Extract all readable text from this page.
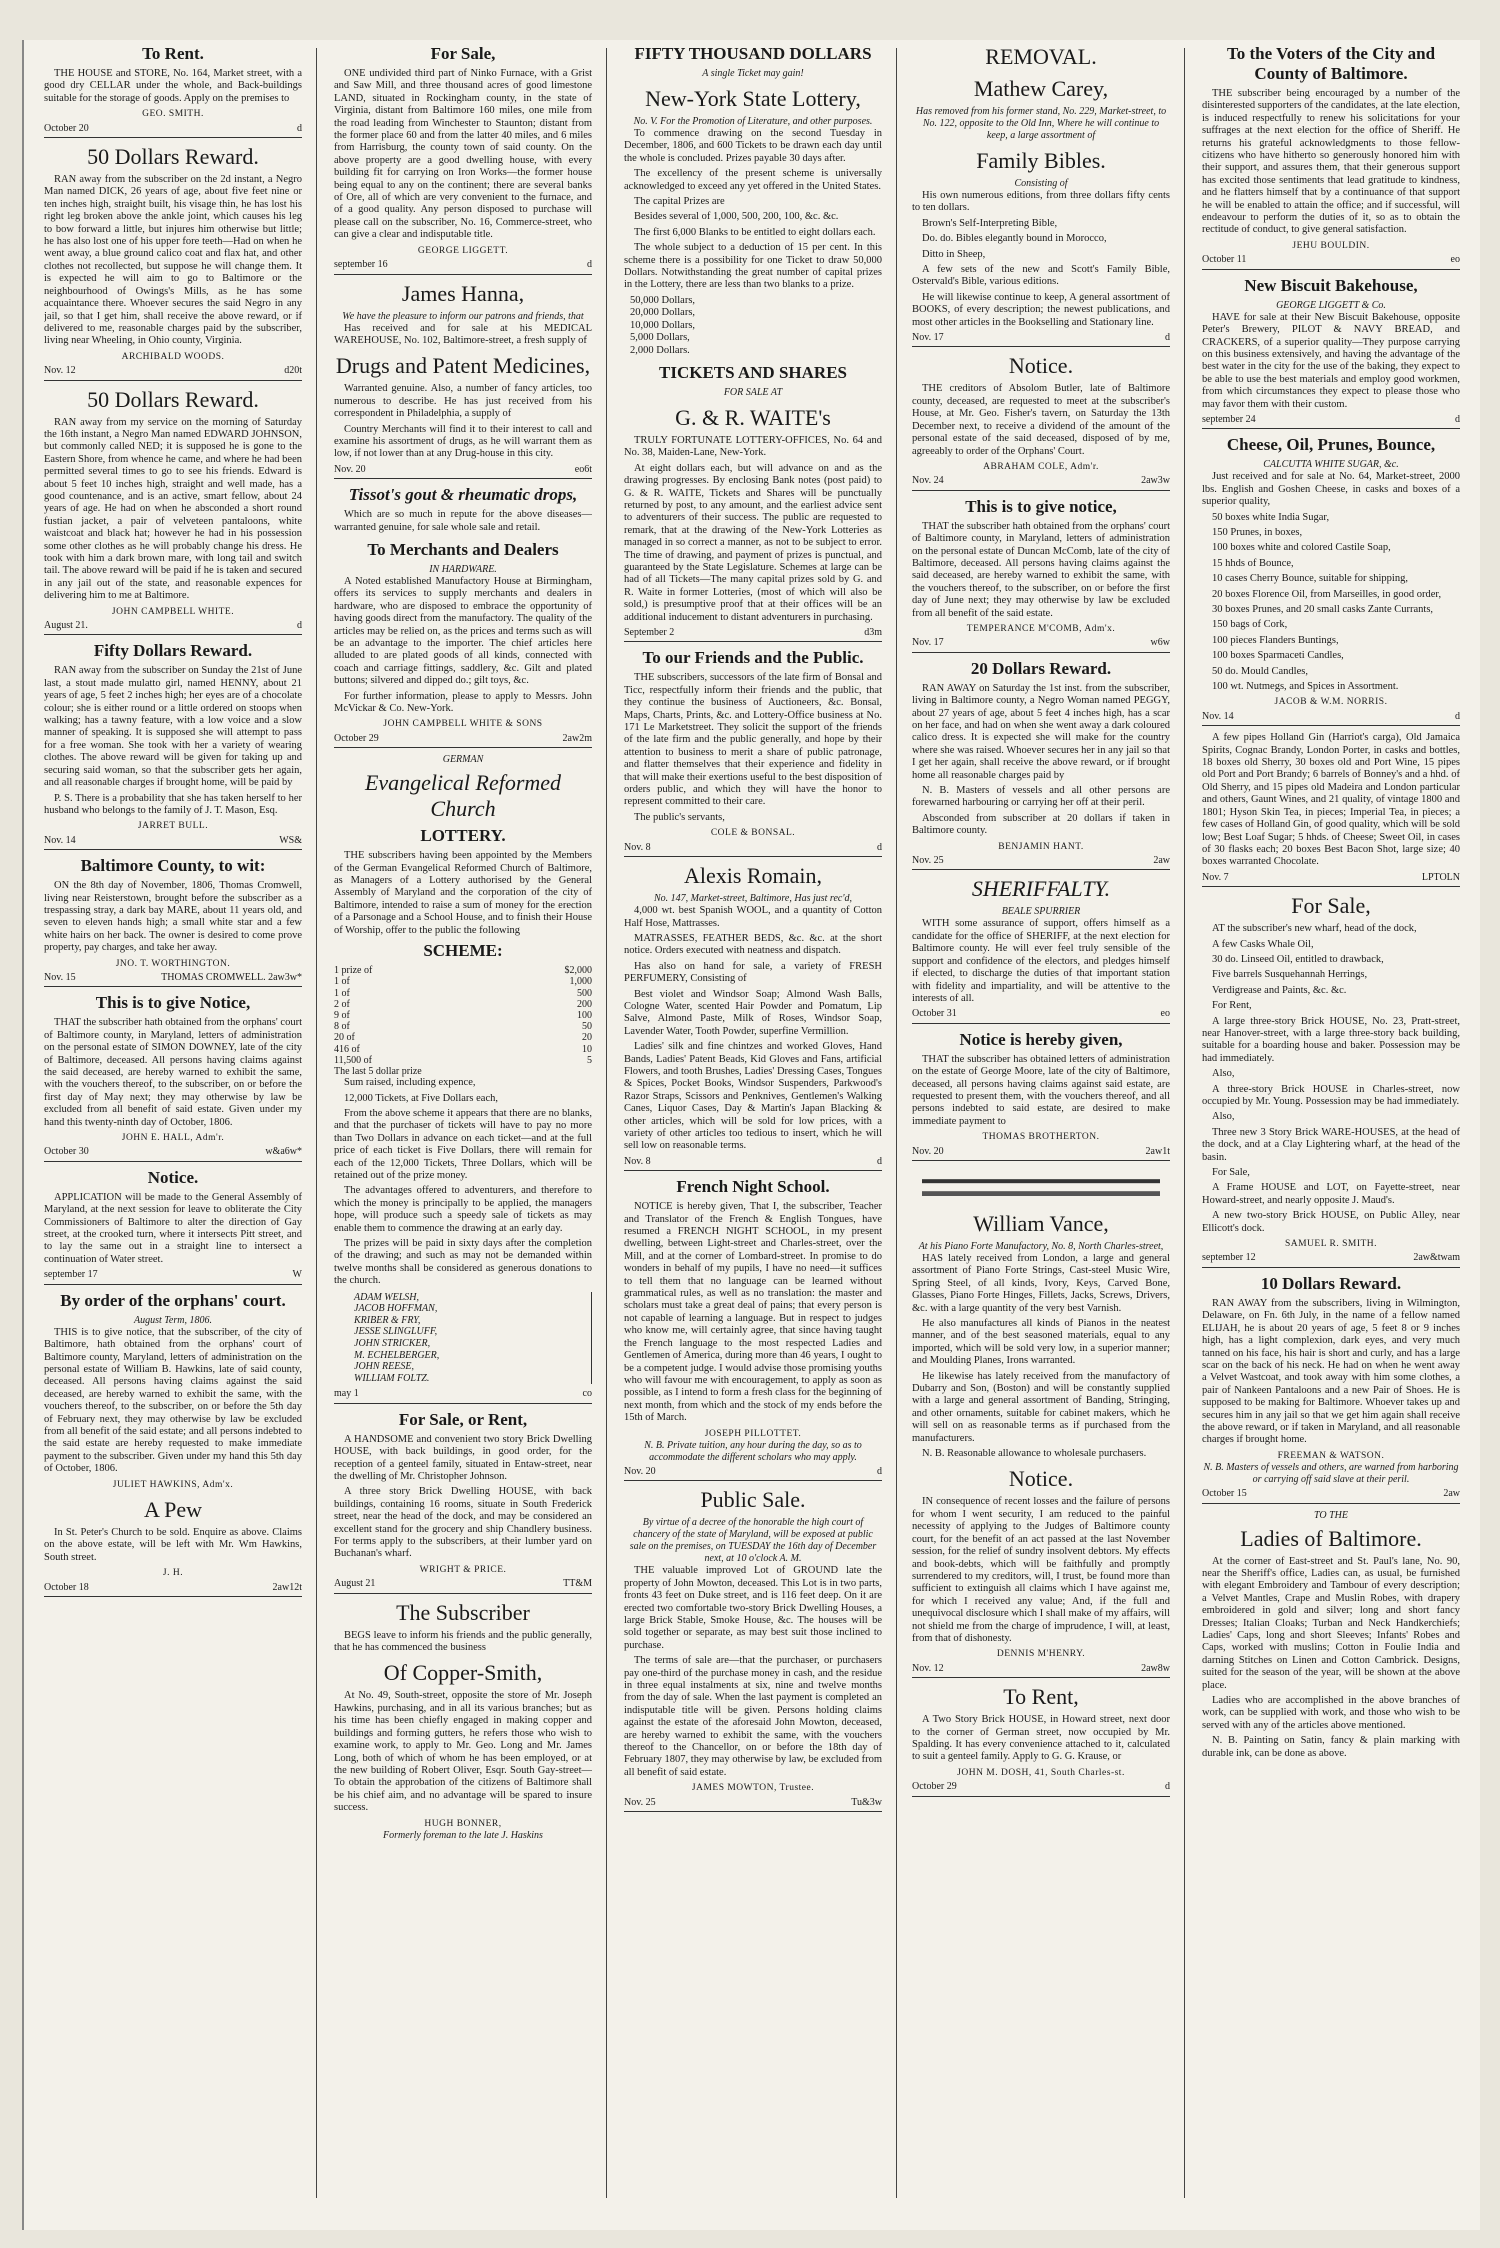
To Rent.

THE HOUSE and STORE, No. 164, Market street, with a good dry CELLAR under the whole, and Back-buildings suitable for the storage of goods. Apply on the premises to

GEO. SMITH.
October 20	d
50 Dollars Reward.

RAN away from the subscriber on the 2d instant, a Negro Man named DICK, 26 years of age, about five feet nine or ten inches high, straight built, his visage thin, he has lost his right leg broken above the ankle joint, which causes his leg to bow forward a little, but injures him otherwise but little; he has also lost one of his upper fore teeth—Had on when he went away, a blue ground calico coat and flax hat, and other clothes not recollected, but suppose he will change them. It is expected he will aim to go to Baltimore or the neighbourhood of Owings's Mills, as he has some acquaintance there. Whoever secures the said Negro in any jail, so that I get him, shall receive the above reward, or if delivered to me, reasonable charges paid by the subscriber, living near Wheeling, in Ohio county, Virginia.

ARCHIBALD WOODS.
Nov. 12	d20t
50 Dollars Reward.

RAN away from my service on the morning of Saturday the 16th instant, a Negro Man named EDWARD JOHNSON, but commonly called NED; it is supposed he is gone to the Eastern Shore, from whence he came, and where he had been permitted several times to go to see his friends. Edward is about 5 feet 10 inches high, straight and well made, has a good countenance, and is an active, smart fellow, about 24 years of age. He had on when he absconded a short round fustian jacket, a pair of velveteen pantaloons, white waistcoat and black hat; however he had in his possession some other clothes as he will probably change his dress. He took with him a dark brown mare, with long tail and switch tail. The above reward will be paid if he is taken and secured in any jail out of the state, and reasonable expences for delivering him to me at Baltimore.

JOHN CAMPBELL WHITE.
August 21.	d
Fifty Dollars Reward.

RAN away from the subscriber on Sunday the 21st of June last, a stout made mulatto girl, named HENNY, about 21 years of age, 5 feet 2 inches high; her eyes are of a chocolate colour; she is either round or a little ordered on stoops when walking; has a tawny feature, with a low voice and a slow manner of speaking. It is supposed she will attempt to pass for a free woman. She took with her a variety of wearing clothes. The above reward will be given for taking up and securing said woman, so that the subscriber gets her again, and all reasonable charges if brought home, will be paid by

P. S. There is a probability that she has taken herself to her husband who belongs to the family of J. T. Mason, Esq.

JARRET BULL.
Nov. 14	WS&
Baltimore County, to wit:

ON the 8th day of November, 1806, Thomas Cromwell, living near Reisterstown, brought before the subscriber as a trespassing stray, a dark bay MARE, about 11 years old, and seven to eleven hands high; a small white star and a few white hairs on her back. The owner is desired to come prove property, pay charges, and take her away.

JNO. T. WORTHINGTON.
Nov. 15	THOMAS CROMWELL. 2aw3w*
This is to give Notice,

THAT the subscriber hath obtained from the orphans' court of Baltimore county, in Maryland, letters of administration on the personal estate of SIMON DOWNEY, late of the city of Baltimore, deceased. All persons having claims against the said deceased, are hereby warned to exhibit the same, with the vouchers thereof, to the subscriber, on or before the first day of May next; they may otherwise by law be excluded from all benefit of said estate. Given under my hand this twenty-ninth day of October, 1806.

JOHN E. HALL, Adm'r.
October 30	w&a6w*
Notice.

APPLICATION will be made to the General Assembly of Maryland, at the next session for leave to obliterate the City Commissioners of Baltimore to alter the direction of Gay street, at the crooked turn, where it intersects Pitt street, and to lay the same out in a straight line to intersect a continuation of Water street.

september 17	W
By order of the orphans' court.
August Term, 1806.

THIS is to give notice, that the subscriber, of the city of Baltimore, hath obtained from the orphans' court of Baltimore county, Maryland, letters of administration on the personal estate of William B. Hawkins, late of said county, deceased. All persons having claims against the said deceased, are hereby warned to exhibit the same, with the vouchers thereof, to the subscriber, on or before the 5th day of February next, they may otherwise by law be excluded from all benefit of the said estate; and all persons indebted to the said estate are hereby requested to make immediate payment to the subscriber. Given under my hand this 5th day of October, 1806.

JULIET HAWKINS, Adm'x.
A Pew

In St. Peter's Church to be sold. Enquire as above. Claims on the above estate, will be left with Mr. Wm Hawkins, South street.

J. H.
October 18	2aw12t
For Sale,

ONE undivided third part of Ninko Furnace, with a Grist and Saw Mill, and three thousand acres of good limestone LAND, situated in Rockingham county, in the state of Virginia, distant from Baltimore 160 miles, one mile from the road leading from Winchester to Staunton; distant from the former place 60 and from the latter 40 miles, and 6 miles from Harrisburg, the county town of said county. On the above property are a good dwelling house, with every building fit for carrying on Iron Works—the former house being equal to any on the continent; there are several banks of Ore, all of which are very convenient to the furnace, and of a good quality. Any person disposed to purchase will please call on the subscriber, No. 16, Commerce-street, who can give a clear and indisputable title.

GEORGE LIGGETT.
september 16	d
James Hanna,
We have the pleasure to inform our patrons and friends, that

Has received and for sale at his MEDICAL WAREHOUSE, No. 102, Baltimore-street, a fresh supply of

Drugs and Patent Medicines,

Warranted genuine. Also, a number of fancy articles, too numerous to describe. He has just received from his correspondent in Philadelphia, a supply of

Country Merchants will find it to their interest to call and examine his assortment of drugs, as he will warrant them as low, if not lower than at any Drug-house in this city.

Nov. 20	eo6t
Tissot's gout & rheumatic drops,

Which are so much in repute for the above diseases—warranted genuine, for sale whole sale and retail.

To Merchants and Dealers
IN HARDWARE.

A Noted established Manufactory House at Birmingham, offers its services to supply merchants and dealers in hardware, who are disposed to embrace the opportunity of having goods direct from the manufactory. The quality of the articles may be relied on, as the prices and terms such as will be an advantage to the importer. The chief articles here alluded to are plated goods of all kinds, connected with coach and carriage fittings, saddlery, &c. Gilt and plated buttons; silvered and dipped do.; gilt toys, &c.

For further information, please to apply to Messrs. John McVickar & Co. New-York.

JOHN CAMPBELL WHITE & SONS
October 29	2aw2m
GERMAN
Evangelical Reformed Church
LOTTERY.

THE subscribers having been appointed by the Members of the German Evangelical Reformed Church of Baltimore, as Managers of a Lottery authorised by the General Assembly of Maryland and the corporation of the city of Baltimore, intended to raise a sum of money for the erection of a Parsonage and a School House, and to finish their House of Worship, offer to the public the following

SCHEME:
1 prize of	$2,000
1 of	1,000
1 of	500
2 of	200
9 of	100
8 of	50
20 of	20
416 of	10
11,500 of	5
The last 5 dollar prize

Sum raised, including expence,

12,000 Tickets, at Five Dollars each,

From the above scheme it appears that there are no blanks, and that the purchaser of tickets will have to pay no more than Two Dollars in advance on each ticket—and at the full price of each ticket is Five Dollars, there will remain for each of the 12,000 Tickets, Three Dollars, which will be retained out of the prize money.

The advantages offered to adventurers, and therefore to which the money is principally to be applied, the managers hope, will produce such a speedy sale of tickets as may enable them to commence the drawing at an early day.

The prizes will be paid in sixty days after the completion of the drawing; and such as may not be demanded within twelve months shall be considered as generous donations to the church.

ADAM WELSH,
JACOB HOFFMAN,
KRIBER & FRY,
JESSE SLINGLUFF,
JOHN STRICKER,
M. ECHELBERGER,
JOHN REESE,
WILLIAM FOLTZ.
may 1	co
For Sale, or Rent,

A HANDSOME and convenient two story Brick Dwelling HOUSE, with back buildings, in good order, for the reception of a genteel family, situated in Entaw-street, near the dwelling of Mr. Christopher Johnson.

A three story Brick Dwelling HOUSE, with back buildings, containing 16 rooms, situate in South Frederick street, near the head of the dock, and may be considered an excellent stand for the grocery and ship Chandlery business. For terms apply to the subscribers, at their lumber yard on Buchanan's wharf.

WRIGHT & PRICE.
August 21	TT&M
The Subscriber

BEGS leave to inform his friends and the public generally, that he has commenced the business

Of Copper-Smith,

At No. 49, South-street, opposite the store of Mr. Joseph Hawkins, purchasing, and in all its various branches; but as his time has been chiefly engaged in making copper and buildings and forming gutters, he refers those who wish to examine work, to apply to Mr. Geo. Long and Mr. James Long, both of which of whom he has been employed, or at the new building of Robert Oliver, Esqr. South Gay-street—To obtain the approbation of the citizens of Baltimore shall be his chief aim, and no advantage will be spared to insure success.

HUGH BONNER,
Formerly foreman to the late J. Haskins
FIFTY THOUSAND DOLLARS
A single Ticket may gain!
New-York State Lottery,
No. V. For the Promotion of Literature, and other purposes.

To commence drawing on the second Tuesday in December, 1806, and 600 Tickets to be drawn each day until the whole is concluded. Prizes payable 30 days after.

The excellency of the present scheme is universally acknowledged to exceed any yet offered in the United States.

The capital Prizes are

Besides several of 1,000, 500, 200, 100, &c. &c.

The first 6,000 Blanks to be entitled to eight dollars each.

The whole subject to a deduction of 15 per cent. In this scheme there is a possibility for one Ticket to draw 50,000 Dollars. Notwithstanding the great number of capital prizes in the Lottery, there are less than two blanks to a prize.

50,000 Dollars,
20,000 Dollars,
10,000 Dollars,
5,000 Dollars,
2,000 Dollars.
TICKETS AND SHARES
FOR SALE AT
G. & R. WAITE's

TRULY FORTUNATE LOTTERY-OFFICES, No. 64 and No. 38, Maiden-Lane, New-York.

At eight dollars each, but will advance on and as the drawing progresses. By enclosing Bank notes (post paid) to G. & R. WAITE, Tickets and Shares will be punctually returned by post, to any amount, and the earliest advice sent to adventurers of their success. The public are requested to remark, that at the drawing of the New-York Lotteries as managed in so correct a manner, as not to be subject to error. The time of drawing, and payment of prizes is punctual, and guaranteed by the State Legislature. Schemes at large can be had of all Tickets—The many capital prizes sold by G. and R. Waite in former Lotteries, (most of which will also be sold,) is presumptive proof that at their offices will be an additional inducement to distant adventurers in purchasing.

September 2	d3m
To our Friends and the Public.

THE subscribers, successors of the late firm of Bonsal and Ticc, respectfully inform their friends and the public, that they continue the business of Auctioneers, &c. Bonsal, Maps, Charts, Prints, &c. and Lottery-Office business at No. 171 Le Marketstreet. They solicit the support of the friends of the late firm and the public generally, and hope by their attention to business to merit a share of public patronage, and flatter themselves that their experience and fidelity in that will make their exertions useful to the best disposition of orders public, and which they will have the honor to represent committed to their care.

The public's servants,

COLE & BONSAL.
Nov. 8	d
Alexis Romain,
No. 147, Market-street, Baltimore, Has just rec'd,

4,000 wt. best Spanish WOOL, and a quantity of Cotton Half Hose, Mattrasses.

MATRASSES, FEATHER BEDS, &c. &c. at the short notice. Orders executed with neatness and dispatch.

Has also on hand for sale, a variety of FRESH PERFUMERY, Consisting of

Best violet and Windsor Soap; Almond Wash Balls, Cologne Water, scented Hair Powder and Pomatum, Lip Salve, Almond Paste, Milk of Roses, Windsor Soap, Lavender Water, Tooth Powder, superfine Vermillion.

Ladies' silk and fine chintzes and worked Gloves, Hand Bands, Ladies' Patent Beads, Kid Gloves and Fans, artificial Flowers, and tooth Brushes, Ladies' Dressing Cases, Tongues & Spices, Pocket Books, Windsor Suspenders, Parkwood's Razor Straps, Scissors and Penknives, Gentlemen's Walking Canes, Liquor Cases, Day & Martin's Japan Blacking & other articles, which will be sold for low prices, with a variety of other articles too tedious to insert, which he will sell low on reasonable terms.

Nov. 8	d
French Night School.

NOTICE is hereby given, That I, the subscriber, Teacher and Translator of the French & English Tongues, have resumed a FRENCH NIGHT SCHOOL, in my present dwelling, between Light-street and Charles-street, over the Mill, and at the corner of Lombard-street. In promise to do wonders in behalf of my pupils, I have no need—it suffices to tell them that no language can be learned without grammatical rules, as well as no translation: the master and scholars must take a great deal of pains; that every person is not capable of learning a language. But in respect to judges who know me, will certainly agree, that since having taught the French language to the most respected Ladies and Gentlemen of America, during more than 46 years, I ought to be a competent judge. I would advise those promising youths who will favour me with encouragement, to apply as soon as possible, as I intend to form a fresh class for the beginning of next month, from which and the stock of my ends before the 15th of March.

JOSEPH PILLOTTET.
N. B. Private tuition, any hour during the day, so as to accommodate the different scholars who may apply.
Nov. 20	d
Public Sale.
By virtue of a decree of the honorable the high court of chancery of the state of Maryland, will be exposed at public sale on the premises, on TUESDAY the 16th day of December next, at 10 o'clock A. M.

THE valuable improved Lot of GROUND late the property of John Mowton, deceased. This Lot is in two parts, fronts 43 feet on Duke street, and is 116 feet deep. On it are erected two comfortable two-story Brick Dwelling Houses, a large Brick Stable, Smoke House, &c. The houses will be sold together or separate, as may best suit those inclined to purchase.

The terms of sale are—that the purchaser, or purchasers pay one-third of the purchase money in cash, and the residue in three equal instalments at six, nine and twelve months from the day of sale. When the last payment is completed an indisputable title will be given. Persons holding claims against the estate of the aforesaid John Mowton, deceased, are hereby warned to exhibit the same, with the vouchers thereof to the Chancellor, on or before the 18th day of February 1807, they may otherwise by law, be excluded from all benefit of said estate.

JAMES MOWTON, Trustee.
Nov. 25	Tu&3w
REMOVAL.
Mathew Carey,
Has removed from his former stand, No. 229, Market-street, to No. 122, opposite to the Old Inn, Where he will continue to keep, a large assortment of
Family Bibles.
Consisting of

His own numerous editions, from three dollars fifty cents to ten dollars.

Brown's Self-Interpreting Bible,

Do. do. Bibles elegantly bound in Morocco,

Ditto in Sheep,

A few sets of the new and Scott's Family Bible, Ostervald's Bible, various editions.

He will likewise continue to keep, A general assortment of BOOKS, of every description; the newest publications, and most other articles in the Bookselling and Stationary line.

Nov. 17	d
Notice.

THE creditors of Absolom Butler, late of Baltimore county, deceased, are requested to meet at the subscriber's House, at Mr. Geo. Fisher's tavern, on Saturday the 13th December next, to receive a dividend of the amount of the personal estate of the said deceased, disposed of by me, agreeably to order of the Orphans' Court.

ABRAHAM COLE, Adm'r.
Nov. 24	2aw3w
This is to give notice,

THAT the subscriber hath obtained from the orphans' court of Baltimore county, in Maryland, letters of administration on the personal estate of Duncan McComb, late of the city of Baltimore, deceased. All persons having claims against the said deceased, are hereby warned to exhibit the same, with the vouchers thereof, to the subscriber, on or before the first day of June next; they may otherwise by law be excluded from all benefit of the said estate.

TEMPERANCE M'COMB, Adm'x.
Nov. 17	w6w
20 Dollars Reward.

RAN AWAY on Saturday the 1st inst. from the subscriber, living in Baltimore county, a Negro Woman named PEGGY, about 27 years of age, about 5 feet 4 inches high, has a scar on her face, and had on when she went away a dark coloured calico dress. It is expected she will make for the country where she was raised. Whoever secures her in any jail so that I get her again, shall receive the above reward, or if brought home all reasonable charges paid by

N. B. Masters of vessels and all other persons are forewarned harbouring or carrying her off at their peril.

Absconded from subscriber at 20 dollars if taken in Baltimore county.

BENJAMIN HANT.
Nov. 25	2aw
SHERIFFALTY.
BEALE SPURRIER

WITH some assurance of support, offers himself as a candidate for the office of SHERIFF, at the next election for Baltimore county. He will ever feel truly sensible of the support and confidence of the electors, and pledges himself if elected, to discharge the duties of that important station with fidelity and impartiality, and will be attentive to the interests of all.

October 31	eo
Notice is hereby given,

THAT the subscriber has obtained letters of administration on the estate of George Moore, late of the city of Baltimore, deceased, all persons having claims against said estate, are requested to present them, with the vouchers thereof, and all persons indebted to said estate, are desired to make immediate payment to

THOMAS BROTHERTON.
Nov. 20	2aw1t
William Vance,
At his Piano Forte Manufactory, No. 8, North Charles-street,

HAS lately received from London, a large and general assortment of Piano Forte Strings, Cast-steel Music Wire, Spring Steel, of all kinds, Ivory, Keys, Carved Bone, Glasses, Piano Forte Hinges, Fillets, Jacks, Screws, Drivers, &c. with a large quantity of the very best Varnish.

He also manufactures all kinds of Pianos in the neatest manner, and of the best seasoned materials, equal to any imported, which will be sold very low, in a superior manner; and Moulding Planes, Irons warranted.

He likewise has lately received from the manufactory of Dubarry and Son, (Boston) and will be constantly supplied with a large and general assortment of Banding, Stringing, and other ornaments, suitable for cabinet makers, which he will sell on as reasonable terms as if purchased from the manufacturers.

N. B. Reasonable allowance to wholesale purchasers.

Notice.

IN consequence of recent losses and the failure of persons for whom I went security, I am reduced to the painful necessity of applying to the Judges of Baltimore county court, for the benefit of an act passed at the last November session, for the relief of sundry insolvent debtors. My effects and book-debts, which will be faithfully and promptly surrendered to my creditors, will, I trust, be found more than sufficient to extinguish all claims which I have against me, for which I received any value; And, if the full and unequivocal disclosure which I shall make of my affairs, will not shield me from the charge of imprudence, I will, at least, from that of dishonesty.

DENNIS M'HENRY.
Nov. 12	2aw8w
To Rent,

A Two Story Brick HOUSE, in Howard street, next door to the corner of German street, now occupied by Mr. Spalding. It has every convenience attached to it, calculated to suit a genteel family. Apply to G. G. Krause, or

JOHN M. DOSH, 41, South Charles-st.
October 29	d
To the Voters of the City and County of Baltimore.

THE subscriber being encouraged by a number of the disinterested supporters of the candidates, at the late election, is induced respectfully to renew his solicitations for your suffrages at the next election for the office of Sheriff. He returns his grateful acknowledgments to those fellow-citizens who have hitherto so generously honored him with their support, and assures them, that their generous support has excited those sentiments that lead gratitude to kindness, and he flatters himself that by a continuance of that support he will be enabled to attain the office; and if successful, will endeavour to perform the duties of it, so as to obtain the rectitude of conduct, to give general satisfaction.

JEHU BOULDIN.
October 11	eo
New Biscuit Bakehouse,
GEORGE LIGGETT & Co.

HAVE for sale at their New Biscuit Bakehouse, opposite Peter's Brewery, PILOT & NAVY BREAD, and CRACKERS, of a superior quality—They purpose carrying on this business extensively, and having the advantage of the best water in the city for the use of the baking, they expect to be able to use the best materials and employ good workmen, from which circumstances they expect to please those who may favor them with their custom.

september 24	d
Cheese, Oil, Prunes, Bounce,
CALCUTTA WHITE SUGAR, &c.

Just received and for sale at No. 64, Market-street, 2000 lbs. English and Goshen Cheese, in casks and boxes of a superior quality,

50 boxes white India Sugar,

150 Prunes, in boxes,

100 boxes white and colored Castile Soap,

15 hhds of Bounce,

10 cases Cherry Bounce, suitable for shipping,

20 boxes Florence Oil, from Marseilles, in good order,

30 boxes Prunes, and 20 small casks Zante Currants,

150 bags of Cork,

100 pieces Flanders Buntings,

100 boxes Sparmaceti Candles,

50 do. Mould Candles,

100 wt. Nutmegs, and Spices in Assortment.

JACOB & W.M. NORRIS.
Nov. 14	d

A few pipes Holland Gin (Harriot's carga), Old Jamaica Spirits, Cognac Brandy, London Porter, in casks and bottles, 18 boxes old Sherry, 30 boxes old and Port Wine, 15 pipes old Port and Port Brandy; 6 barrels of Bonney's and a hhd. of Old Sherry, and 15 pipes old Madeira and London particular and others, Gaunt Wines, and 21 quality, of vintage 1800 and 1801; Hyson Skin Tea, in pieces; Imperial Tea, in pieces; a few cases of Holland Gin, of good quality, which will be sold low; Best Loaf Sugar; 5 hhds. of Cheese; Sweet Oil, in cases of 30 flasks each; 20 boxes Best Bacon Shot, large size; 40 boxes warranted Chocolate.

Nov. 7	LPTOLN
For Sale,

AT the subscriber's new wharf, head of the dock,

A few Casks Whale Oil,

30 do. Linseed Oil, entitled to drawback,

Five barrels Susquehannah Herrings,

Verdigrease and Paints, &c. &c.

For Rent,

A large three-story Brick HOUSE, No. 23, Pratt-street, near Hanover-street, with a large three-story back building, suitable for a boarding house and baker. Possession may be had immediately.

Also,

A three-story Brick HOUSE in Charles-street, now occupied by Mr. Young. Possession may be had immediately.

Also,

Three new 3 Story Brick WARE-HOUSES, at the head of the dock, and at a Clay Lightering wharf, at the head of the basin.

For Sale,

A Frame HOUSE and LOT, on Fayette-street, near Howard-street, and nearly opposite J. Maud's.

A new two-story Brick HOUSE, on Public Alley, near Ellicott's dock.

SAMUEL R. SMITH.
september 12	2aw&twam
10 Dollars Reward.

RAN AWAY from the subscribers, living in Wilmington, Delaware, on Fn. 6th July, in the name of a fellow named ELIJAH, he is about 20 years of age, 5 feet 8 or 9 inches high, has a light complexion, dark eyes, and very much tanned on his face, his hair is short and curly, and has a large scar on the back of his neck. He had on when he went away a Velvet Wastcoat, and took away with him some clothes, a pair of Nankeen Pantaloons and a new Pair of Shoes. He is supposed to be making for Baltimore. Whoever takes up and secures him in any jail so that we get him again shall receive the above reward, or if taken in Maryland, and all reasonable charges if brought home.

FREEMAN & WATSON.
N. B. Masters of vessels and others, are warned from harboring or carrying off said slave at their peril.
October 15	2aw
TO THE
Ladies of Baltimore.

At the corner of East-street and St. Paul's lane, No. 90, near the Sheriff's office, Ladies can, as usual, be furnished with elegant Embroidery and Tambour of every description; a Velvet Mantles, Crape and Muslin Robes, with drapery embroidered in gold and silver; long and short fancy Dresses; Italian Cloaks; Turban and Neck Handkerchiefs; Ladies' Caps, long and short Sleeves; Infants' Robes and Caps, worked with muslins; Cotton in Foulie India and darning Stitches on Linen and Cotton Cambrick. Designs, suited for the season of the year, will be shown at the above place.

Ladies who are accomplished in the above branches of work, can be supplied with work, and those who wish to be served with any of the articles above mentioned.

N. B. Painting on Satin, fancy & plain marking with durable ink, can be done as above.
